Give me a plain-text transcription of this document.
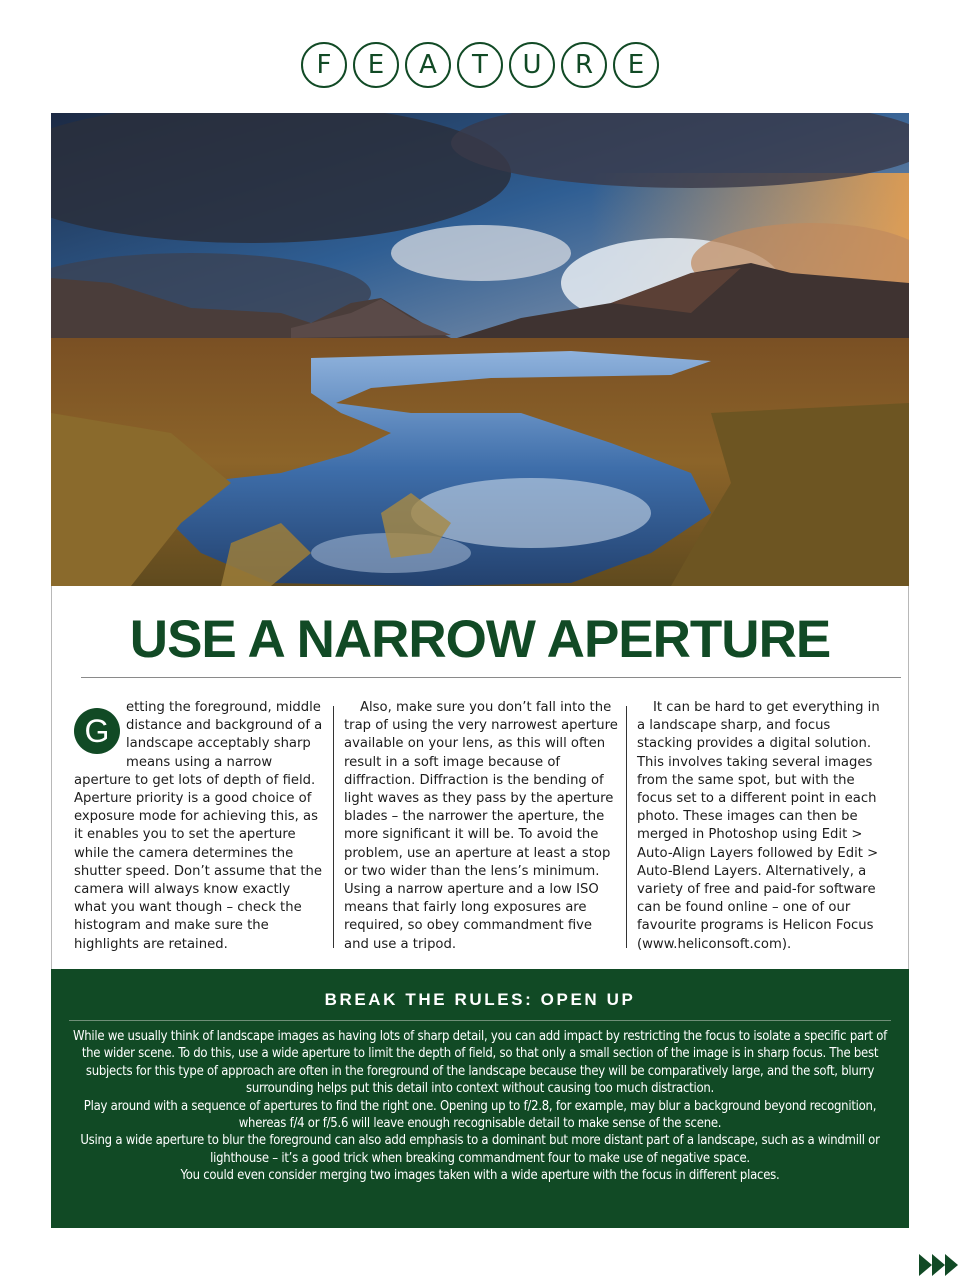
F	E	A	T	U	R	E
USE A NARROW APERTURE
G
etting the foreground, middle distance and background of a landscape acceptably sharp means using a narrow aperture to get lots of depth of field. Aperture priority is a good choice of exposure mode for achieving this, as it enables you to set the aperture while the camera determines the shutter speed. Don’t assume that the camera will always know exactly what you want though – check the histogram and make sure the highlights are retained.
Also, make sure you don’t fall into the trap of using the very narrowest aperture available on your lens, as this will often result in a soft image because of diffraction. Diffraction is the bending of light waves as they pass by the aperture blades – the narrower the aperture, the more significant it will be. To avoid the problem, use an aperture at least a stop or two wider than the lens’s minimum. Using a narrow aperture and a low ISO means that fairly long exposures are required, so obey commandment five and use a tripod.
It can be hard to get everything in a landscape sharp, and focus stacking provides a digital solution. This involves taking several images from the same spot, but with the focus set to a different point in each photo. These images can then be merged in Photoshop using Edit > Auto-Align Layers followed by Edit > Auto-Blend Layers. Alternatively, a variety of free and paid-for software can be found online – one of our favourite programs is Helicon Focus (www.heliconsoft.com).
BREAK THE RULES: OPEN UP

While we usually think of landscape images as having lots of sharp detail, you can add impact by restricting the focus to isolate a specific part of the wider scene. To do this, use a wide aperture to limit the depth of field, so that only a small section of the image is in sharp focus. The best subjects for this type of approach are often in the foreground of the landscape because they will be comparatively large, and the soft, blurry surrounding helps put this detail into context without causing too much distraction.

Play around with a sequence of apertures to find the right one. Opening up to f/2.8, for example, may blur a background beyond recognition, whereas f/4 or f/5.6 will leave enough recognisable detail to make sense of the scene.

Using a wide aperture to blur the foreground can also add emphasis to a dominant but more distant part of a landscape, such as a windmill or lighthouse – it’s a good trick when breaking commandment four to make use of negative space.

You could even consider merging two images taken with a wide aperture with the focus in different places.
